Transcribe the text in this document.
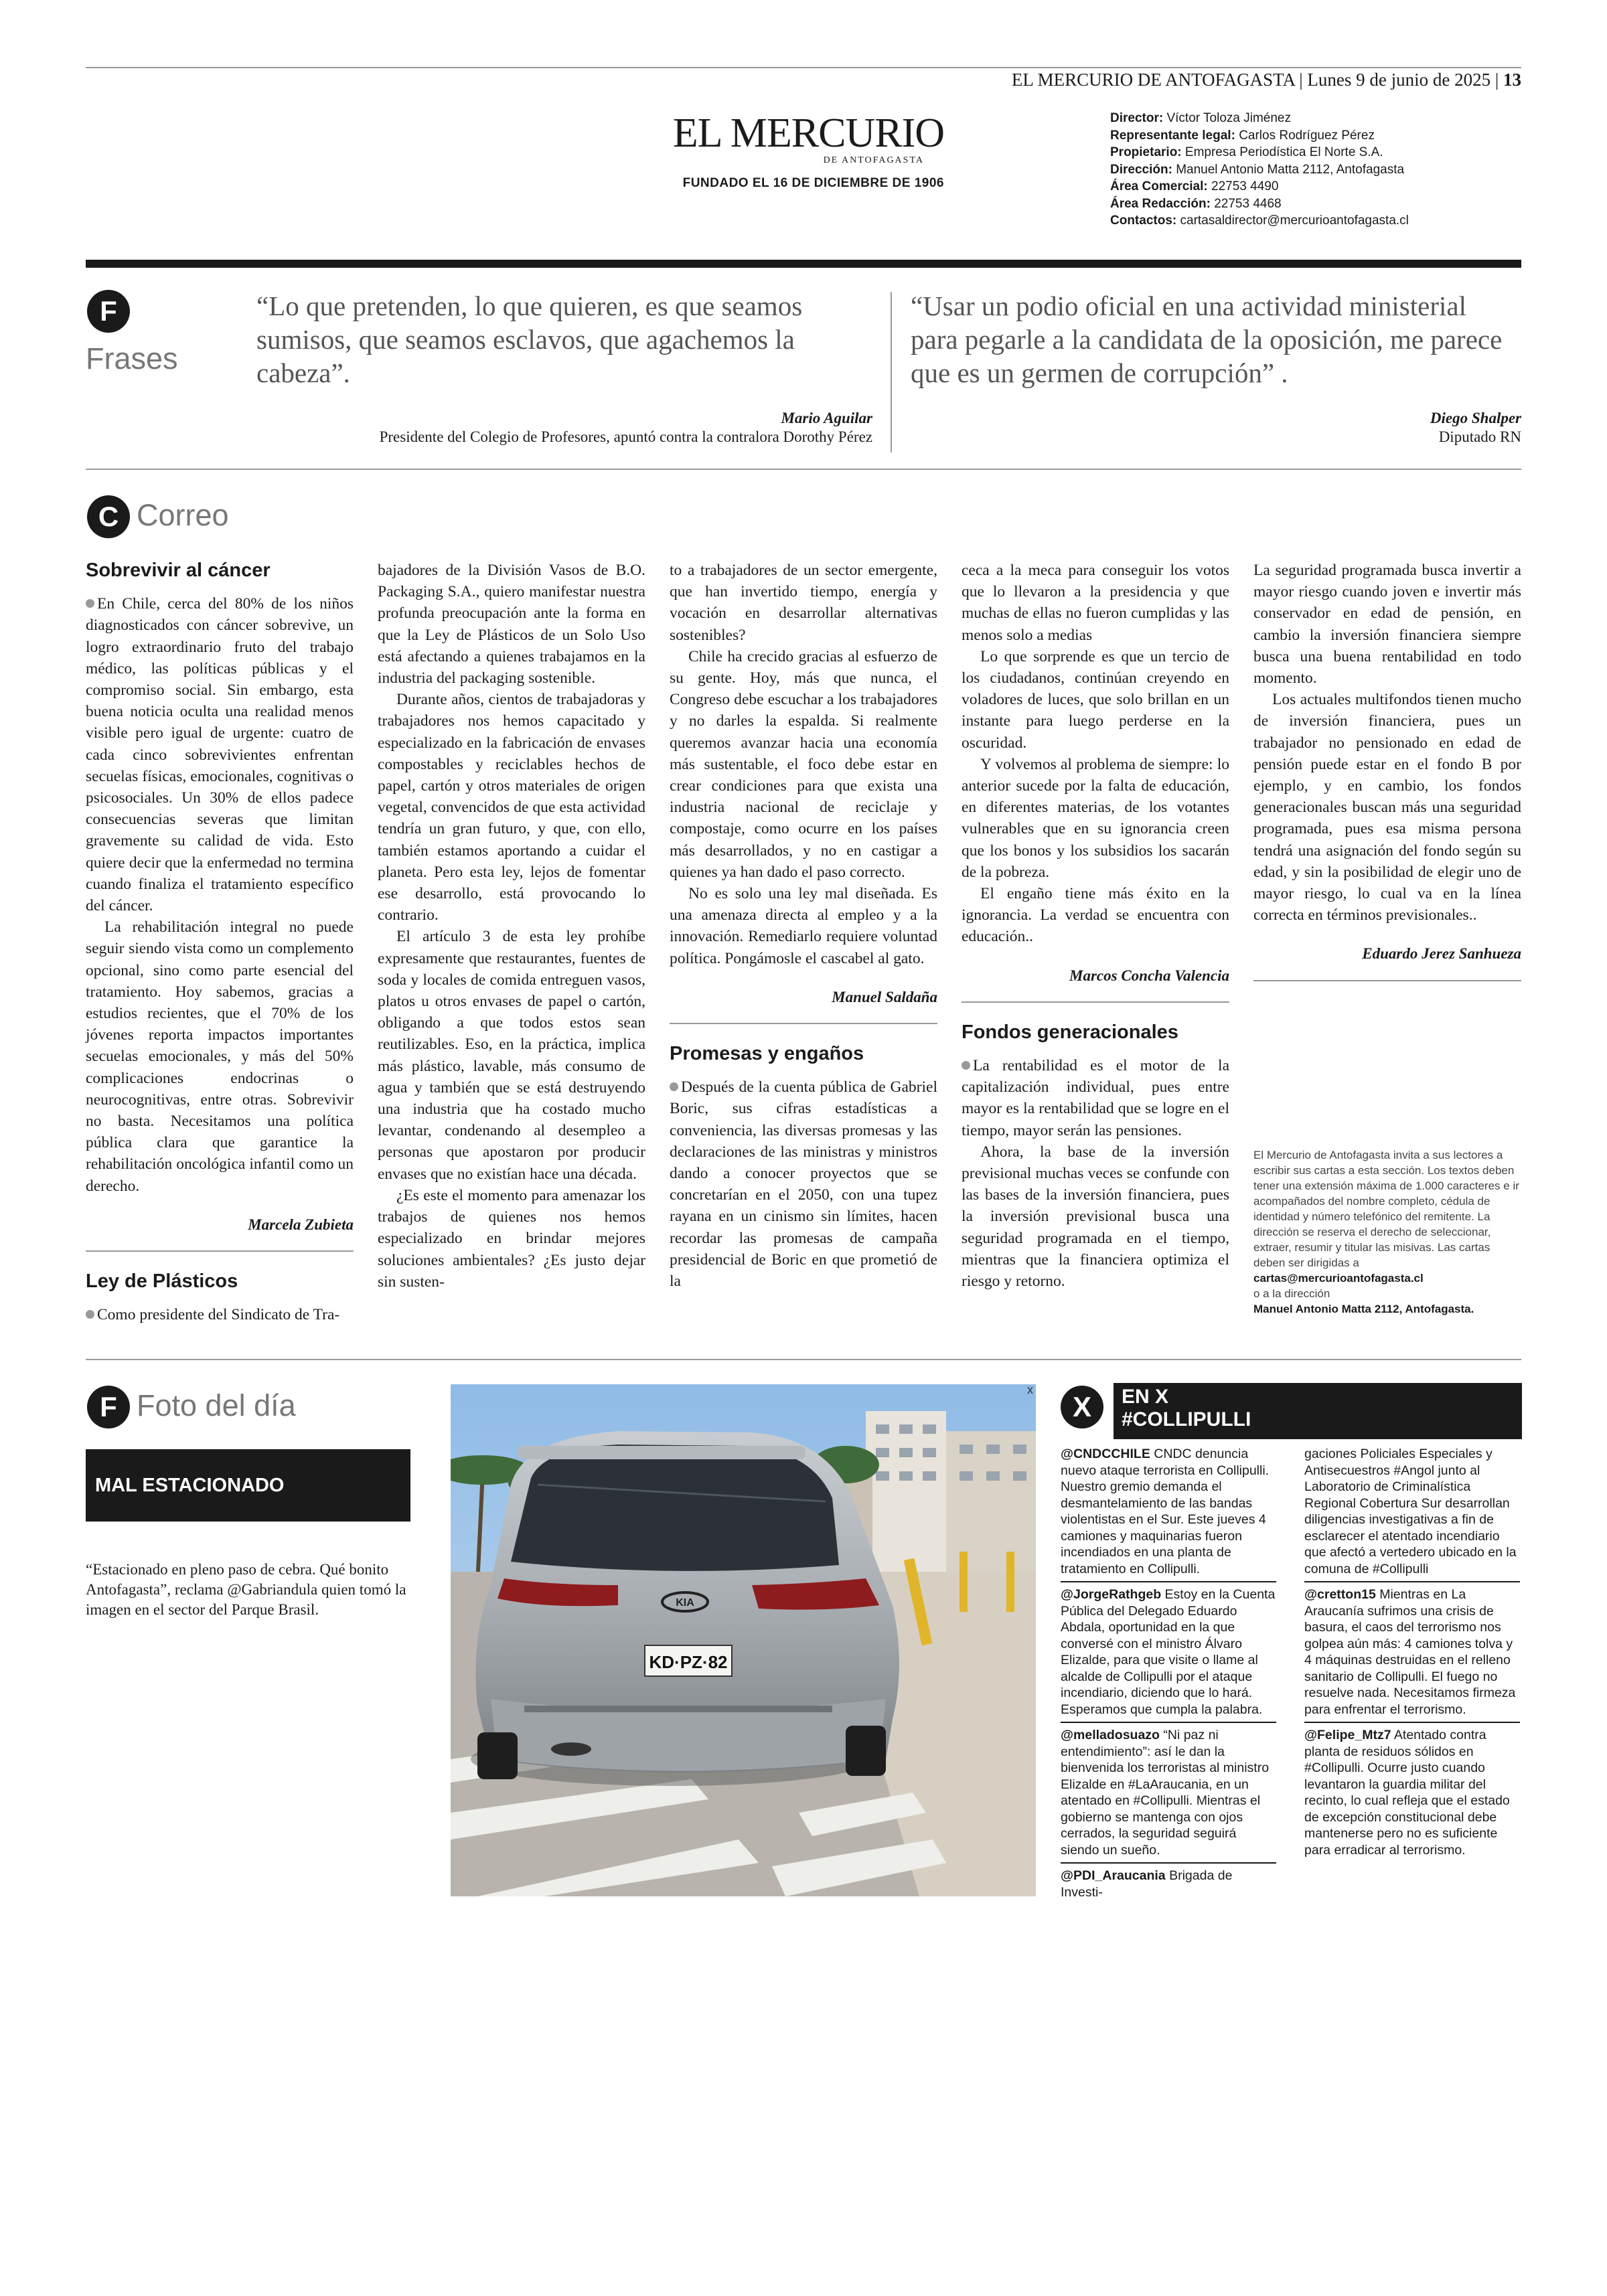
EL MERCURIO DE ANTOFAGASTA | Lunes 9 de junio de 2025 | 13
EL MERCURIO
DE ANTOFAGASTA
FUNDADO EL 16 DE DICIEMBRE DE 1906
Director: Víctor Toloza Jiménez
Representante legal: Carlos Rodríguez Pérez
Propietario: Empresa Periodística El Norte S.A.
Dirección: Manuel Antonio Matta 2112, Antofagasta
Área Comercial: 22753 4490
Área Redacción: 22753 4468
Contactos: cartasaldirector@mercurioantofagasta.cl
F
Frases
“Lo que pretenden, lo que quieren, es que seamos sumisos, que seamos esclavos, que agachemos la cabeza”.
Mario Aguilar
Presidente del Colegio de Profesores, apuntó contra la contralora Dorothy Pérez
“Usar un podio oficial en una actividad ministerial para pegarle a la candidata de la oposición, me parece que es un germen de corrupción” .
Diego Shalper
Diputado RN
C Correo
Sobrevivir al cáncer

En Chile, cerca del 80% de los niños diagnosticados con cáncer sobrevive, un logro extraordinario fruto del trabajo médico, las políticas públicas y el compromiso social. Sin embargo, esta buena noticia oculta una realidad menos visible pero igual de urgente: cuatro de cada cinco sobrevivientes enfrentan secuelas físicas, emocionales, cognitivas o psicosociales. Un 30% de ellos padece consecuencias severas que limitan gravemente su calidad de vida. Esto quiere decir que la enfermedad no termina cuando finaliza el tratamiento específico del cáncer.

La rehabilitación integral no puede seguir siendo vista como un complemento opcional, sino como parte esencial del tratamiento. Hoy sabemos, gracias a estudios recientes, que el 70% de los jóvenes reporta impactos importantes secuelas emocionales, y más del 50% complicaciones endocrinas o neurocognitivas, entre otras. Sobrevivir no basta. Necesitamos una política pública clara que garantice la rehabilitación oncológica infantil como un derecho.

Marcela Zubieta
Ley de Plásticos

Como presidente del Sindicato de Tra-

bajadores de la División Vasos de B.O. Packaging S.A., quiero manifestar nuestra profunda preocupación ante la forma en que la Ley de Plásticos de un Solo Uso está afectando a quienes trabajamos en la industria del packaging sostenible.

Durante años, cientos de trabajadoras y trabajadores nos hemos capacitado y especializado en la fabricación de envases compostables y reciclables hechos de papel, cartón y otros materiales de origen vegetal, convencidos de que esta actividad tendría un gran futuro, y que, con ello, también estamos aportando a cuidar el planeta. Pero esta ley, lejos de fomentar ese desarrollo, está provocando lo contrario.

El artículo 3 de esta ley prohíbe expresamente que restaurantes, fuentes de soda y locales de comida entreguen vasos, platos u otros envases de papel o cartón, obligando a que todos estos sean reutilizables. Eso, en la práctica, implica más plástico, lavable, más consumo de agua y también que se está destruyendo una industria que ha costado mucho levantar, condenando al desempleo a personas que apostaron por producir envases que no existían hace una década.

¿Es este el momento para amenazar los trabajos de quienes nos hemos especializado en brindar mejores soluciones ambientales? ¿Es justo dejar sin susten-

to a trabajadores de un sector emergente, que han invertido tiempo, energía y vocación en desarrollar alternativas sostenibles?

Chile ha crecido gracias al esfuerzo de su gente. Hoy, más que nunca, el Congreso debe escuchar a los trabajadores y no darles la espalda. Si realmente queremos avanzar hacia una economía más sustentable, el foco debe estar en crear condiciones para que exista una industria nacional de reciclaje y compostaje, como ocurre en los países más desarrollados, y no en castigar a quienes ya han dado el paso correcto.

No es solo una ley mal diseñada. Es una amenaza directa al empleo y a la innovación. Remediarlo requiere voluntad política. Pongámosle el cascabel al gato.

Manuel Saldaña
Promesas y engaños

Después de la cuenta pública de Gabriel Boric, sus cifras estadísticas a conveniencia, las diversas promesas y las declaraciones de las ministras y ministros dando a conocer proyectos que se concretarían en el 2050, con una tupez rayana en un cinismo sin límites, hacen recordar las promesas de campaña presidencial de Boric en que prometió de la

ceca a la meca para conseguir los votos que lo llevaron a la presidencia y que muchas de ellas no fueron cumplidas y las menos solo a medias

Lo que sorprende es que un tercio de los ciudadanos, continúan creyendo en voladores de luces, que solo brillan en un instante para luego perderse en la oscuridad.

Y volvemos al problema de siempre: lo anterior sucede por la falta de educación, en diferentes materias, de los votantes vulnerables que en su ignorancia creen que los bonos y los subsidios los sacarán de la pobreza.

El engaño tiene más éxito en la ignorancia. La verdad se encuentra con educación..

Marcos Concha Valencia
Fondos generacionales

La rentabilidad es el motor de la capitalización individual, pues entre mayor es la rentabilidad que se logre en el tiempo, mayor serán las pensiones.

Ahora, la base de la inversión previsional muchas veces se confunde con las bases de la inversión financiera, pues la inversión previsional busca una seguridad programada en el tiempo, mientras que la financiera optimiza el riesgo y retorno.

La seguridad programada busca invertir a mayor riesgo cuando joven e invertir más conservador en edad de pensión, en cambio la inversión financiera siempre busca una buena rentabilidad en todo momento.

Los actuales multifondos tienen mucho de inversión financiera, pues un trabajador no pensionado en edad de pensión puede estar en el fondo B por ejemplo, y en cambio, los fondos generacionales buscan más una seguridad programada, pues esa misma persona tendrá una asignación del fondo según su edad, y sin la posibilidad de elegir uno de mayor riesgo, lo cual va en la línea correcta en términos previsionales..

Eduardo Jerez Sanhueza
El Mercurio de Antofagasta invita a sus lectores a escribir sus cartas a esta sección. Los textos deben tener una extensión máxima de 1.000 caracteres e ir acompañados del nombre completo, cédula de identidad y número telefónico del remitente. La dirección se reserva el derecho de seleccionar, extraer, resumir y titular las misivas. Las cartas deben ser dirigidas a
cartas@mercurioantofagasta.cl
o a la dirección
Manuel Antonio Matta 2112, Antofagasta.
F Foto del día
MAL ESTACIONADO
“Estacionado en pleno paso de cebra. Qué bonito Antofagasta”, reclama @Gabriandula quien tomó la imagen en el sector del Parque Brasil.	KIA
KD·PZ·82
x
X	EN X
#COLLIPULLI

@CNDCCHILE CNDC denuncia nuevo ataque terrorista en Collipulli. Nuestro gremio demanda el desmantelamiento de las bandas violentistas en el Sur. Este jueves 4 camiones y maquinarias fueron incendiados en una planta de tratamiento en Collipulli.

@JorgeRathgeb Estoy en la Cuenta Pública del Delegado Eduardo Abdala, oportunidad en la que conversé con el ministro Álvaro Elizalde, para que visite o llame al alcalde de Collipulli por el ataque incendiario, diciendo que lo hará. Esperamos que cumpla la palabra.

@melladosuazo “Ni paz ni entendimiento”: así le dan la bienvenida los terroristas al ministro Elizalde en #LaAraucania, en un atentado en #Collipulli. Mientras el gobierno se mantenga con ojos cerrados, la seguridad seguirá siendo un sueño.

@PDI_Araucania Brigada de Investi-

gaciones Policiales Especiales y Antisecuestros #Angol junto al Laboratorio de Criminalística Regional Cobertura Sur desarrollan diligencias investigativas a fin de esclarecer el atentado incendiario que afectó a vertedero ubicado en la comuna de #Collipulli

@cretton15 Mientras en La Araucanía sufrimos una crisis de basura, el caos del terrorismo nos golpea aún más: 4 camiones tolva y 4 máquinas destruidas en el relleno sanitario de Collipulli. El fuego no resuelve nada. Necesitamos firmeza para enfrentar el terrorismo.

@Felipe_Mtz7 Atentado contra planta de residuos sólidos en #Collipulli. Ocurre justo cuando levantaron la guardia militar del recinto, lo cual refleja que el estado de excepción constitucional debe mantenerse pero no es suficiente para erradicar al terrorismo.
